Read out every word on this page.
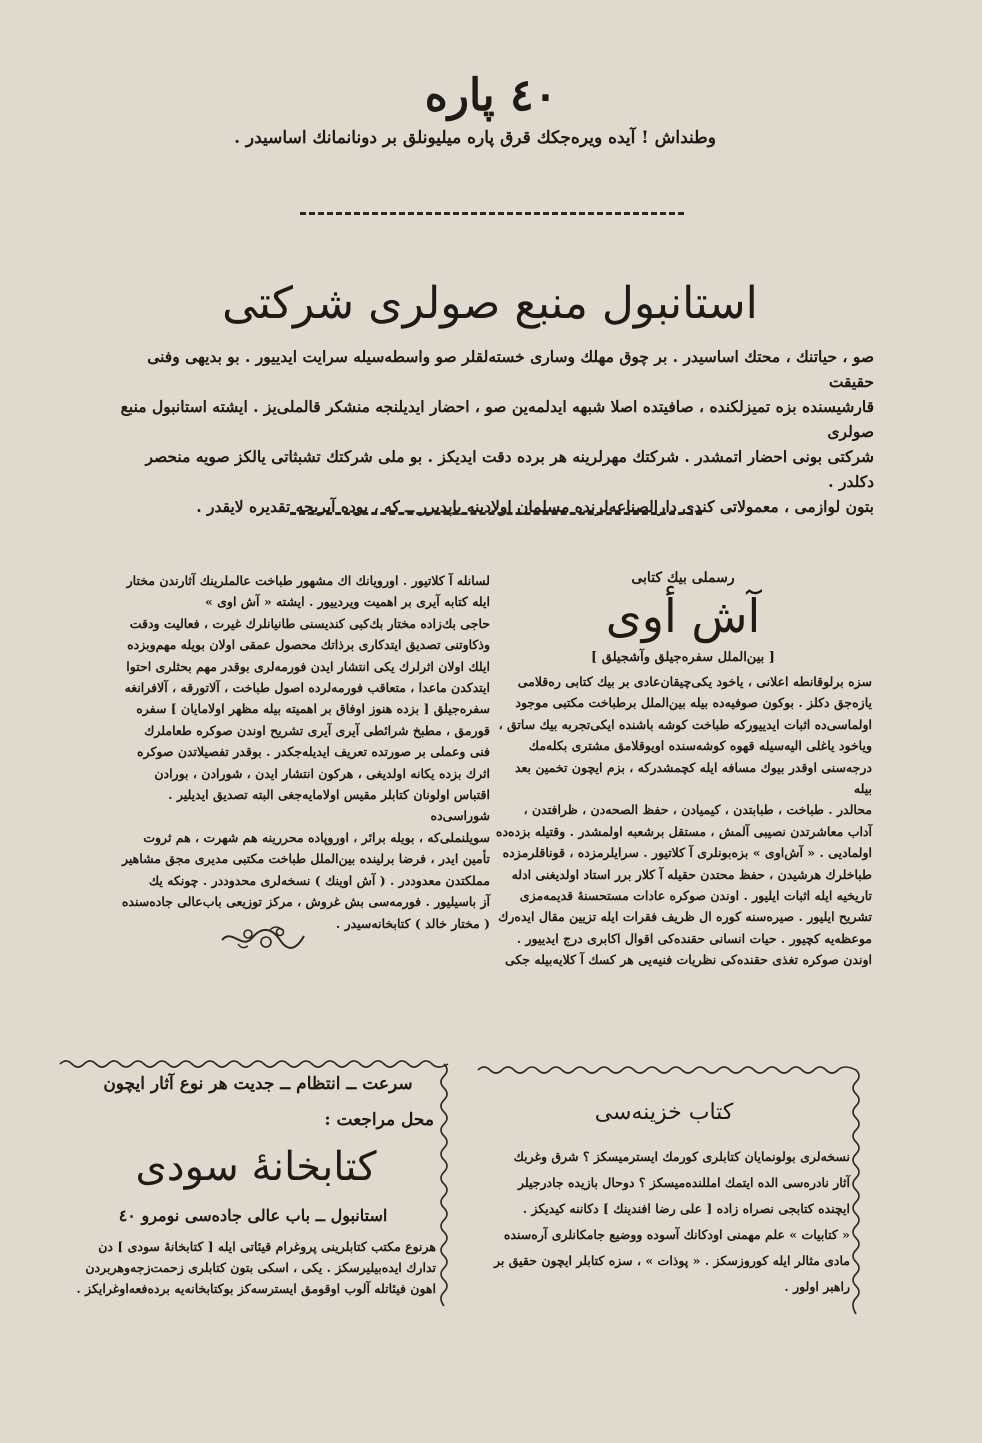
٤٠ پاره
وطنداش ! آیده ویره‌جکك قرق پاره میلیونلق بر دونانمانك اساسیدر .
استانبول منبع صولری شرکتی
صو ، حیاتنك ، محتك اساسیدر . بر چوق مهلك وساری خسته‌لقلر صو واسطه‌سیله سرایت ایدییور . بو بدیهی وفنی حقیقت
قارشیسنده بزه تمیزلکنده ، صافیتده اصلا شبهه ایدلمه‌ین صو ، احضار ایدیلنجه منشکر قالملی‌یز . ایشته استانبول منبع صولری
شرکتی بونی احضار اتمشدر . شرکتك مهرلرینه هر برده دقت ایدیکز . بو ملی شرکتك تشبثاتی یالکز صویه منحصر دکلدر .
بتون لوازمی ، معمولاتی کندی دارالصناعه‌لرنده مسلمان اولادینه یاپدیرر ــ که ، بوده آیریجه تقدیره لایقدر .
رسملی بیك کتابی
آش أوی
[ بین‌الملل سفره‌جیلق وآشجیلق ]
سزه برلوقانطه اعلانی ، یاخود یکی‌چیقان‌عادی بر بیك کتابی ره‌قلامی
یازه‌جق دکلز . بوکون صوفیه‌ده بیله بین‌الملل برطباخت مکتبی موجود
اولماسی‌ده اثبات ایدییورکه طباخت کوشه باشنده ایکی‌تجربه بیك ساتق ،
ویاخود یاغلی الیه‌سیله قهوه کوشه‌سنده اویوقلامق مشتری بکله‌مك
درجه‌سنی اوقدر بیوك مسافه ایله کچمشدرکه ، بزم ایچون تخمین بعد بیله
محالدر . طباخت ، طبابتدن ، کیمیادن ، حفظ الصحه‌دن ، ظرافتدن ،
آداب معاشرتدن نصیبی آلمش ، مستقل برشعبه اولمشدر . وقتیله بزده‌ده
اولمادیی . « آش‌اوی » بزه‌بونلری آ کلاتیور . سرایلرمزده ، قوناقلرمزده
طباخلرك هرشیدن ، حفظ محتدن حقیله آ کلار برر استاد اولدیغنی ادله‌
تاریخیه ایله اثبات ایلیور . اوندن صوکره عادات مستحسنهٔ قدیمه‌مزی
تشریح ایلیور . صیره‌سنه کوره ال ظریف فقرات ایله تزیین مقال ایده‌رك
موعظه‌یه کچیور . حیات انسانی حقنده‌کی اقوال اکابری درج ایدییور .
اوندن صوکره تغذی حقنده‌کی نظریات فنیه‌یی هر کسك آ کلایه‌بیله جکی
لسانله آ کلاتیور . اورویانك اك مشهور طباخت عالملرینك آثارندن مختار
ایله کتابه آیری بر اهمیت ویردییور . ایشته « آش اوی »
حاجی بك‌زاده مختار بك‌کبی کندیسنی طانیانلرك غیرت ، فعالیت ودقت
وذکاوتنی تصدیق ایتدکاری برذاتك محصول عمقی اولان بویله مهم‌وبزده
ایلك اولان اثرلرك یکی انتشار ایدن فورمه‌لری بوقدر مهم بحثلری احتوا
ایتدکدن ماعدا ، متعاقب فورمه‌لرده اصول طباخت ، آلاتورقه ، آلافرانغه
سفره‌جیلق [ بزده هنوز اوفاق بر اهمیته بیله مظهر اولامایان ] سفره
قورمق ، مطبخ شرائطی آیری آیری تشریح اوندن صوکره طعاملرك
فنی وعملی بر صورتده تعریف ایدیله‌جکدر . بوقدر تفصیلاتدن صوکره
اثرك بزده یکانه اولدیغی ، هرکون انتشار ایدن ، شورادن ، بورادن
اقتباس اولونان کتابلر مقیس اولامایه‌جغی البته تصدیق ایدیلیر . شوراسی‌ده
سویلنملی‌که ، بویله برائر ، اوروپاده محررینه هم شهرت ، هم ثروت
تأمین ایدر ، فرضا برلینده بین‌الملل طباخت مکتبی مدیری مجق مشاهیر
مملکتدن معدوددر . ( آش اوینك ) نسخه‌لری محدوددر . چونکه یك
آز باسیلیور . فورمه‌سی بش غروش ، مرکز توزیعی باب‌عالی جاده‌سنده
( مختار خالد ) کتابخانه‌سیدر .
سرعت ــ انتظام ــ جدیت هر نوع آثار ایچون
محل مراجعت :
کتابخانهٔ سودی
استانبول ــ باب عالی جاده‌سی نومرو ٤٠
هرنوع مکتب کتابلرینی پروغرام قیئاتی ایله [ کتابخانهٔ سودی ] دن
تدارك ایده‌بیلیرسکز . یکی ، اسکی بتون کتابلری زحمت‌زجه‌وهربردن
اهون فیئاتله آلوب اوقومق ایسترسه‌کز بوکتابخانه‌یه برده‌فعه‌اوغرایکز .
کتاب خزینه‌سی
نسخه‌لری بولونمایان کتابلری کورمك ایسترمیسکز ؟ شرق وغربك
آثار نادره‌سی الده ایتمك امللنده‌میسکز ؟ دوحال بازیده جادرجیلر
ایچنده کتابجی نصراه زاده [ علی رضا افندینك ] دکاننه کیدیکز .
« کتابیات » علم مهمنی اودکانك آسوده ووضیع جامکانلری آره‌سنده
مادی مثالر ایله کوروزسکز . « پوذات » ، سزه کتابلر ایچون حقیق بر
راهبر اولور .
